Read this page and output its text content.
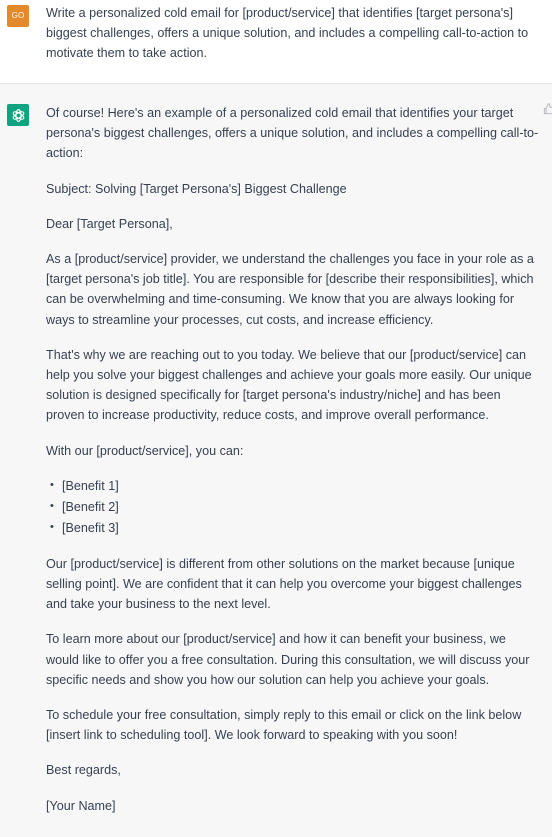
GO Write a personalized cold email for [product/service] that identifies [target persona's] biggest challenges, offers a unique solution, and includes a compelling call-to-action to motivate them to take action.

Of course! Here's an example of a personalized cold email that identifies your target persona's biggest challenges, offers a unique solution, and includes a compelling call-to-action:

Subject: Solving [Target Persona's] Biggest Challenge

Dear [Target Persona],

As a [product/service] provider, we understand the challenges you face in your role as a [target persona's job title]. You are responsible for [describe their responsibilities], which can be overwhelming and time-consuming. We know that you are always looking for ways to streamline your processes, cut costs, and increase efficiency.

That's why we are reaching out to you today. We believe that our [product/service] can help you solve your biggest challenges and achieve your goals more easily. Our unique solution is designed specifically for [target persona's industry/niche] and has been proven to increase productivity, reduce costs, and improve overall performance.

With our [product/service], you can:

• [Benefit 1]
• [Benefit 2]
• [Benefit 3]

Our [product/service] is different from other solutions on the market because [unique selling point]. We are confident that it can help you overcome your biggest challenges and take your business to the next level.

To learn more about our [product/service] and how it can benefit your business, we would like to offer you a free consultation. During this consultation, we will discuss your specific needs and show you how our solution can help you achieve your goals.

To schedule your free consultation, simply reply to this email or click on the link below [insert link to scheduling tool]. We look forward to speaking with you soon!

Best regards,

[Your Name]
